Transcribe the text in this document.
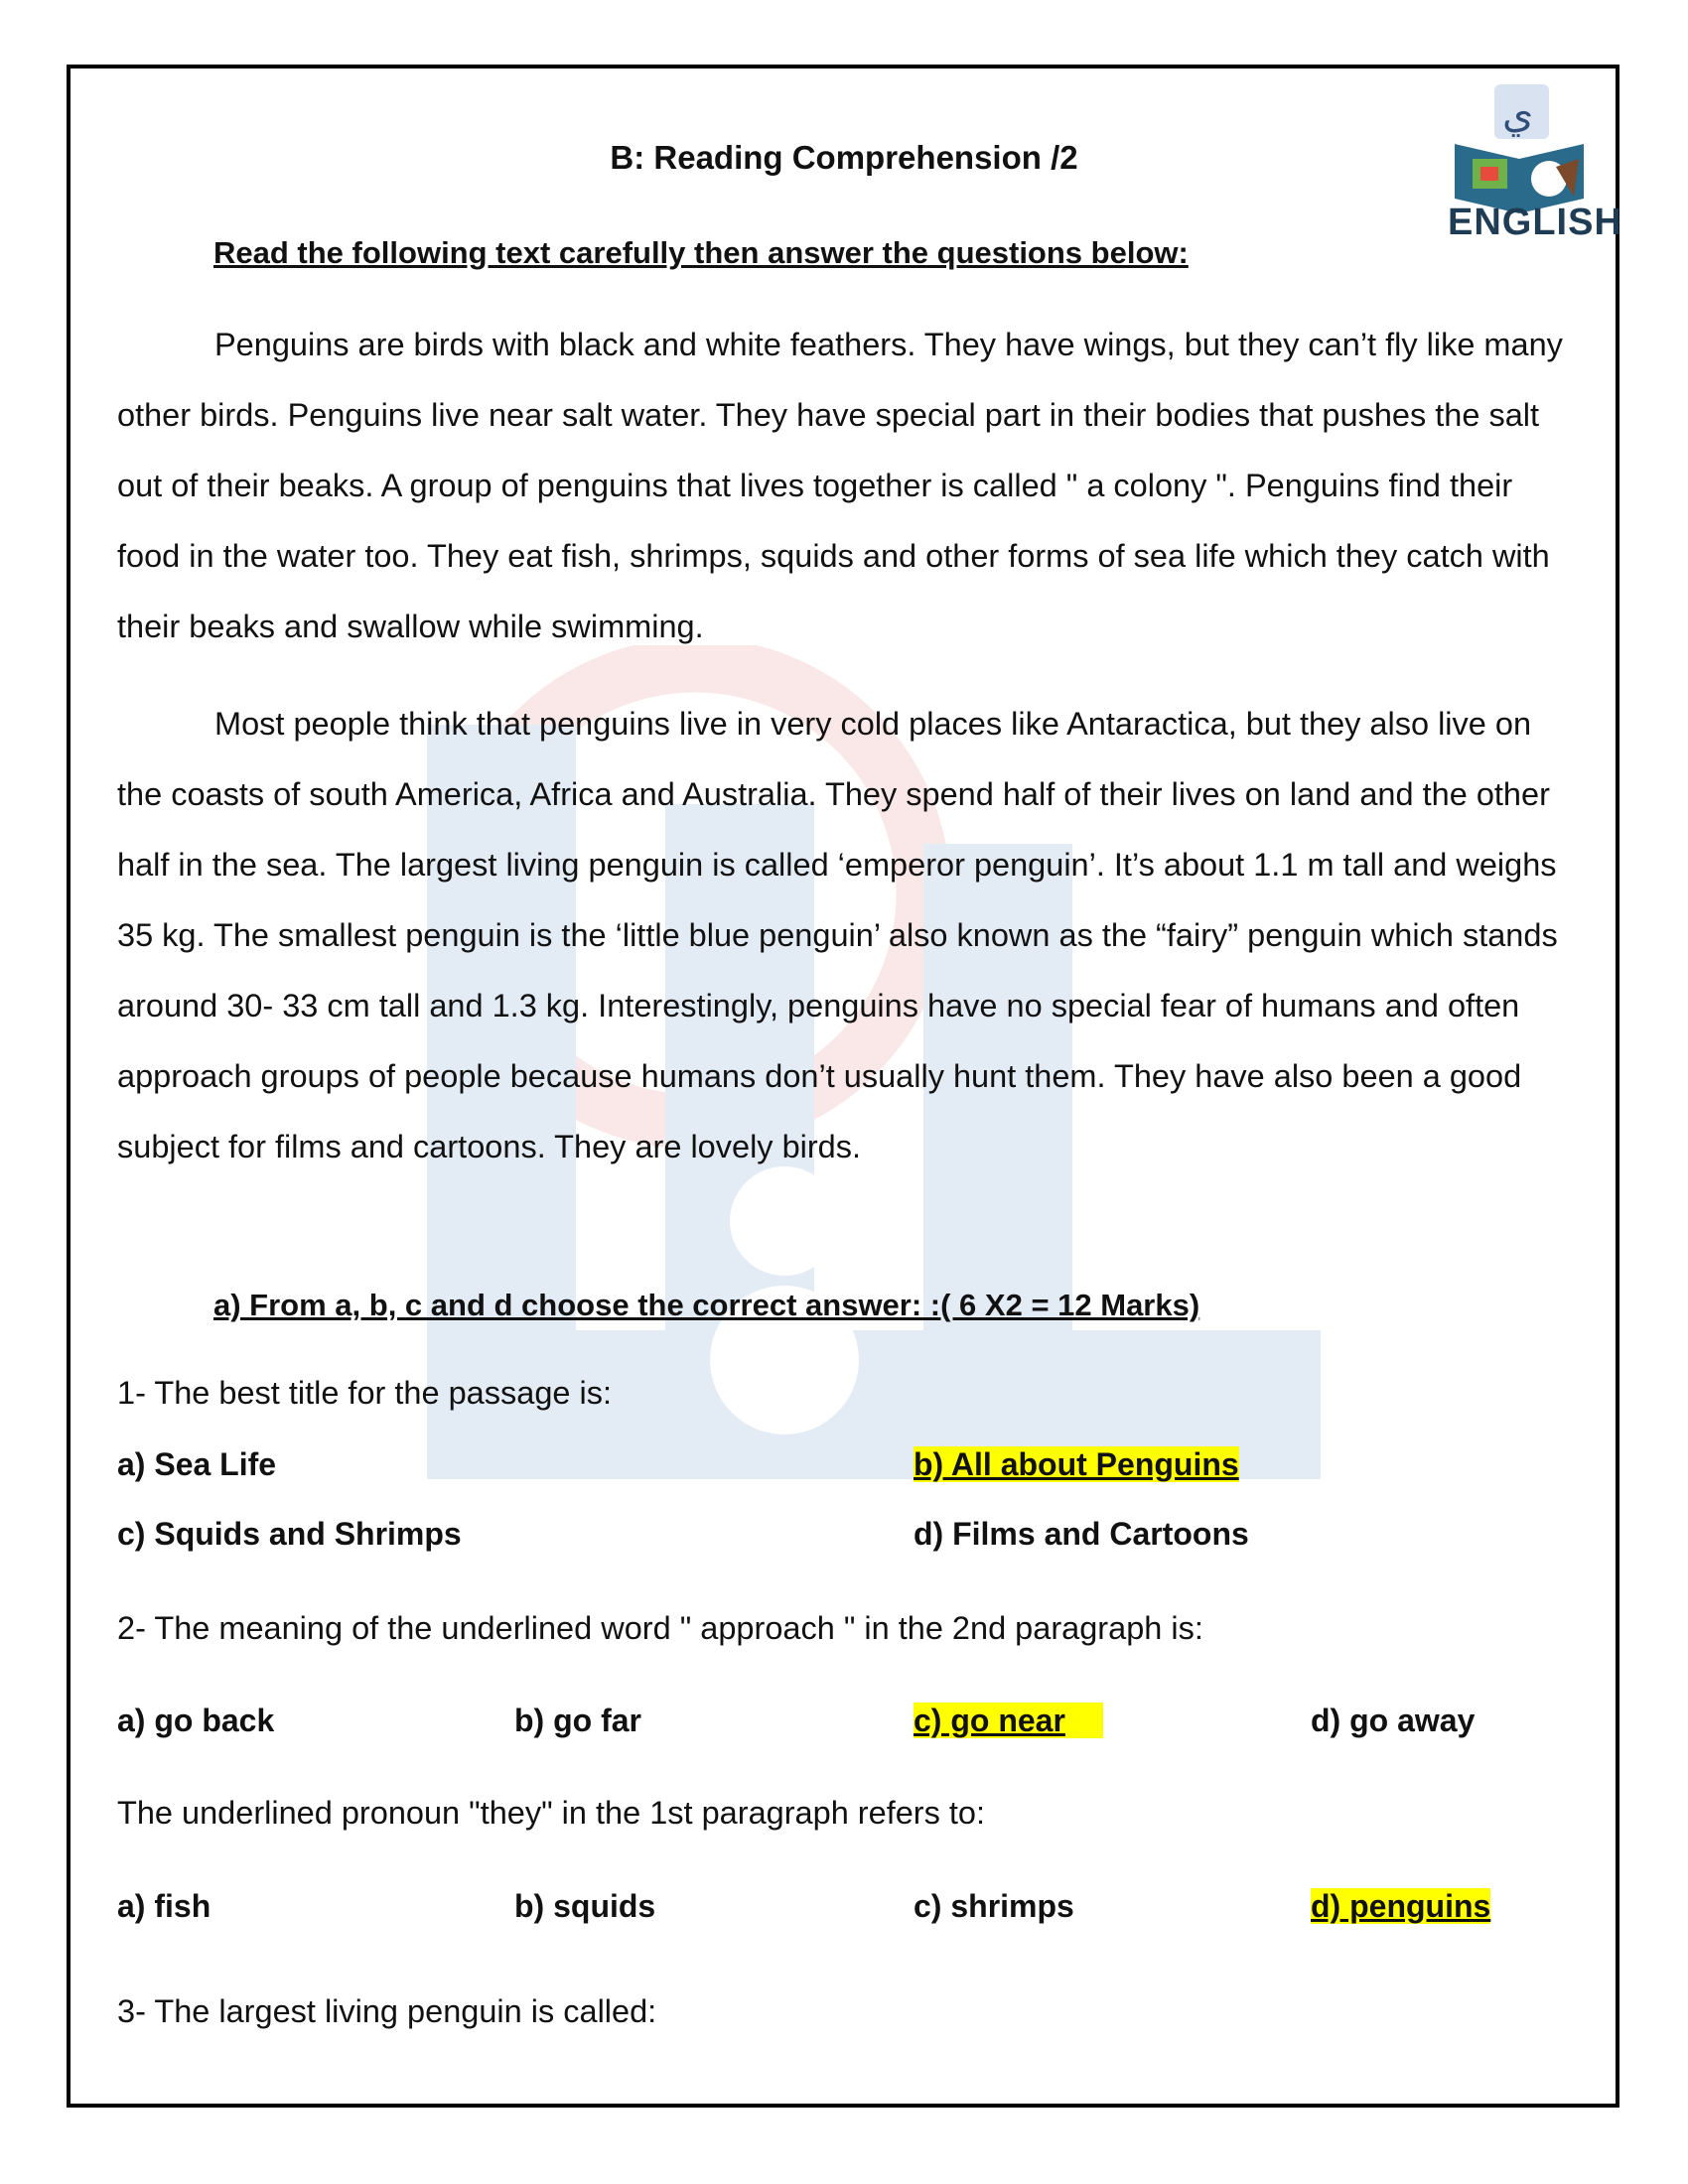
ي
ENGLISH
B: Reading Comprehension /2
Read the following text carefully then answer the questions below:

Penguins are birds with black and white feathers. They have wings, but they can’t fly like many other birds. Penguins live near salt water. They have special part in their bodies that pushes the salt out of their beaks. A group of penguins that lives together is called " a colony ". Penguins find their food in the water too. They eat fish, shrimps, squids and other forms of sea life which they catch with their beaks and swallow while swimming.

Most people think that penguins live in very cold places like Antaractica, but they also live on the coasts of south America, Africa and Australia. They spend half of their lives on land and the other half in the sea. The largest living penguin is called ‘emperor penguin’. It’s about 1.1 m tall and weighs 35 kg. The smallest penguin is the ‘little blue penguin’ also known as the “fairy” penguin which stands around 30- 33 cm tall and 1.3 kg. Interestingly, penguins have no special fear of humans and often approach groups of people because humans don’t usually hunt them. They have also been a good subject for films and cartoons. They are lovely birds.

a) From a, b, c and d choose the correct answer: :( 6 X2 = 12 Marks)
1- The best title for the passage is:
a) Sea Life	b) All about Penguins
c) Squids and Shrimps	d) Films and Cartoons
2- The meaning of the underlined word " approach " in the 2nd paragraph is:
a) go back	b) go far	c) go near	d) go away
The underlined pronoun "they" in the 1st paragraph refers to:
a) fish	b) squids	c) shrimps	d) penguins
3- The largest living penguin is called:
